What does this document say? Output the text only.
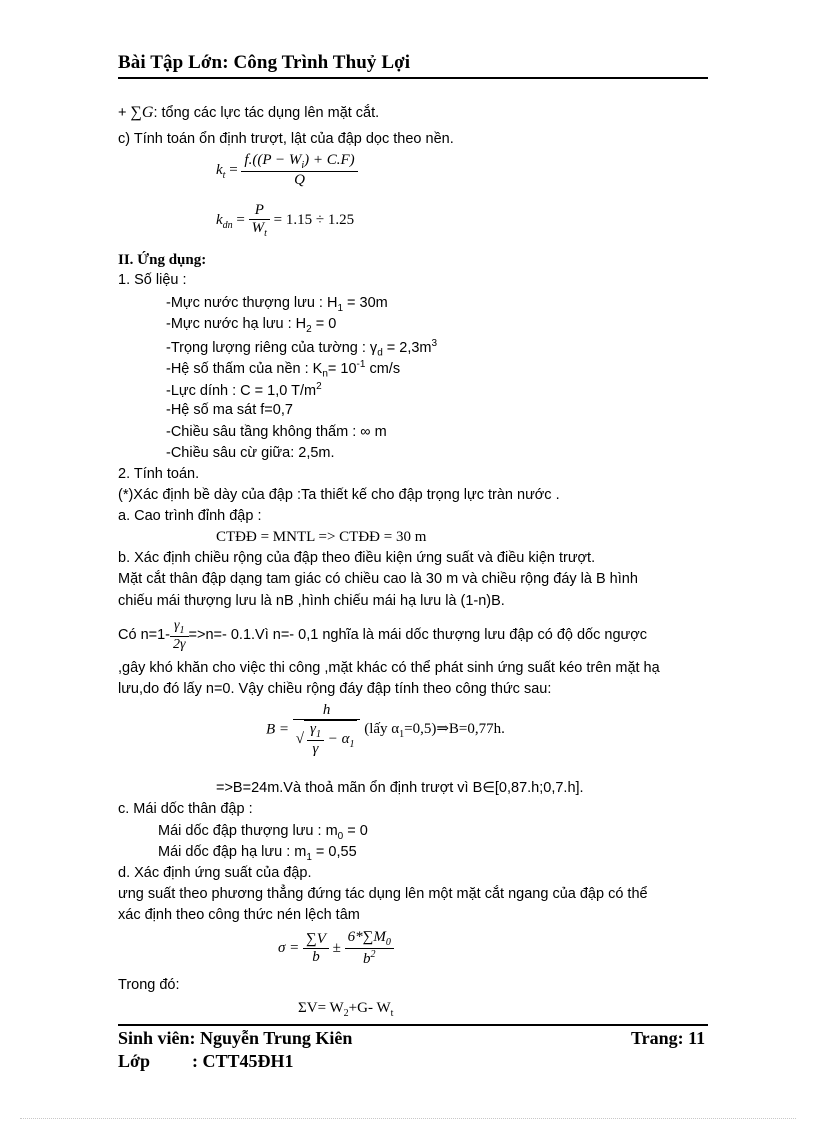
Bài Tập Lớn: Công Trình Thuỷ Lợi
+ ∑G: tổng các lực tác dụng lên mặt cắt.
c) Tính toán ổn định trượt, lật của đập dọc theo nền.
$k_t = \frac{f.((P - W_i) + C.F)}{Q}$
$k_{dn} = \frac{P}{W_t} = 1.15 \div 1.25$
II. Ứng dụng:
1. Số liệu :
-Mực nước thượng lưu : $H_1 = 30m$
-Mực nước hạ lưu : $H_2 = 0$
-Trọng lượng riêng của tường : $\gamma_d = 2,3m^3$
-Hệ số thấm của nền : $K_n= 10^{-1}$ cm/s
-Lực dính : C = 1,0 $T/m^2$
-Hệ số ma sát f=0,7
-Chiều sâu tầng không thấm : ∞ m
-Chiều sâu cừ giữa: 2,5m.
2. Tính toán.
(*)Xác định bề dày của đập :Ta thiết kế cho đập trọng lực tràn nước .
a. Cao trình đỉnh đập :
CTĐĐ = MNTL => CTĐĐ = 30 m
b. Xác định chiều rộng của đập theo điều kiện ứng suất và điều kiện trượt.
Mặt cắt thân đập dạng tam giác có chiều cao là 30 m và chiều rộng đáy là B hình
chiếu mái thượng lưu là nB ,hình chiếu mái hạ lưu là (1-n)B.
Có $n=1- \frac{\gamma_1}{2\gamma} =>n=-$ 0.1.Vì n=- 0,1 nghĩa là mái dốc thượng lưu đập có độ dốc ngược
,gây khó khăn cho việc thi công ,mặt khác có thể phát sinh ứng suất kéo trên mặt hạ
lưu,do đó lấy n=0. Vậy chiều rộng đáy đập tính theo công thức sau:
$B = \frac{h}{√ \frac{\gamma_1}{\gamma} - \alpha_1}$ (lấy $\alpha_1=0,5)\Rightarrow B=0,77h$.
=>B=24m.Và thoả mãn ổn định trượt vì B∈[0,87.h;0,7.h].
c. Mái dốc thân đập :
Mái dốc đập thượng lưu : $m_0 = 0$
Mái dốc đập hạ lưu : $m_1 = 0,55$
d. Xác định ứng suất của đập.
ưng suất theo phương thẳng đứng tác dụng lên một mặt cắt ngang của đập có thể
xác định theo công thức nén lệch tâm
$\sigma = \frac{\sum V}{b} \pm \frac{6*\sum M_0}{b^2}$
Trong đó:
$\Sigma V= W_2+G-$ $W_t$
Sinh viên: Nguyễn Trung Kiên
Lớp : CTT45ĐH1
Trang: 11
